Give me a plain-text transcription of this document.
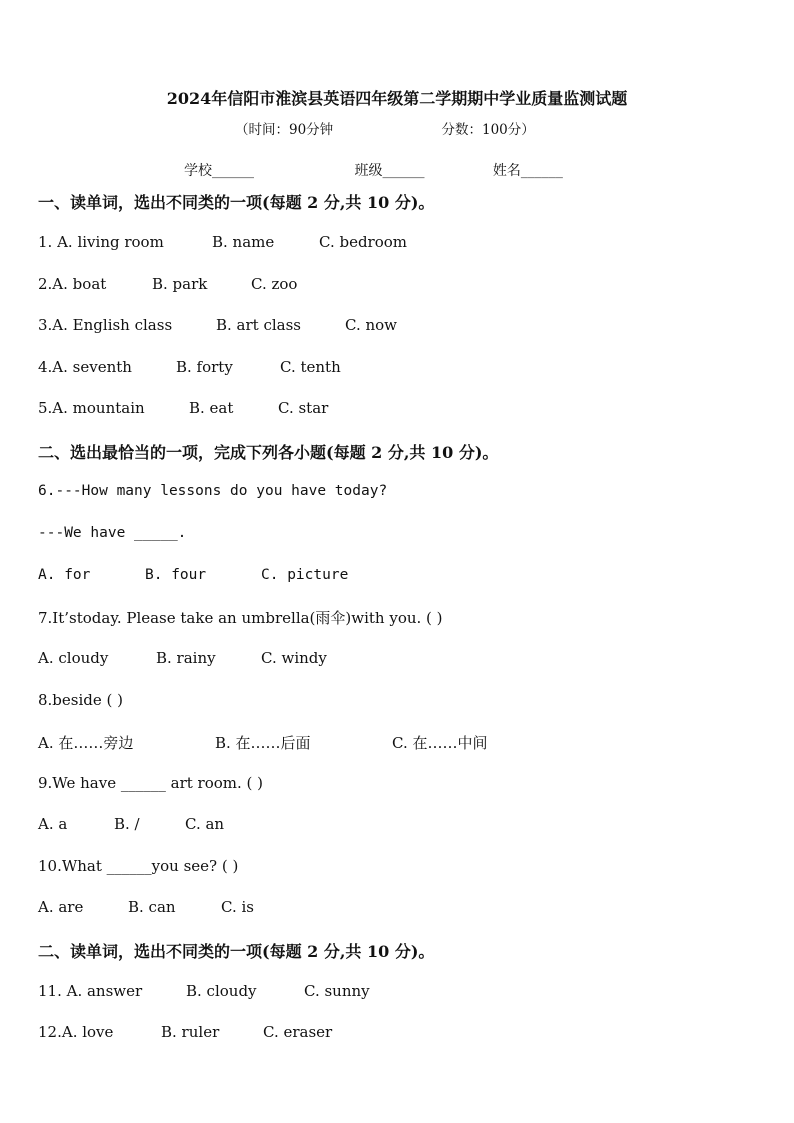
2024年信阳市淮滨县英语四年级第二学期期中学业质量监测试题
（时间：90分钟	分数：100分）
学校______	班级______	姓名______
一、读单词，选出不同类的一项(每题 2 分,共 10 分)。
1. A. living room	B. name	C. bedroom
2.A. boat	B. park	C. zoo
3.A. English class	B. art class	C. now
4.A. seventh	B. forty	C. tenth
5.A. mountain	B. eat	C. star
二、选出最恰当的一项，完成下列各小题(每题 2 分,共 10 分)。
6.---How many lessons do you have today?
---We have _____.
A. for	B. four	C. picture
7.It’stoday. Please take an umbrella(雨伞)with you. ( )
A. cloudy	B. rainy	C. windy
8.beside ( )
A. 在……旁边	B. 在……后面	C. 在……中间
9.We have ______ art room. ( )
A. a	B. /	C. an
10.What ______you see? ( )
A. are	B. can	C. is
二、读单词，选出不同类的一项(每题 2 分,共 10 分)。
11. A. answer	B. cloudy	C. sunny
12.A. love	B. ruler	C. eraser
